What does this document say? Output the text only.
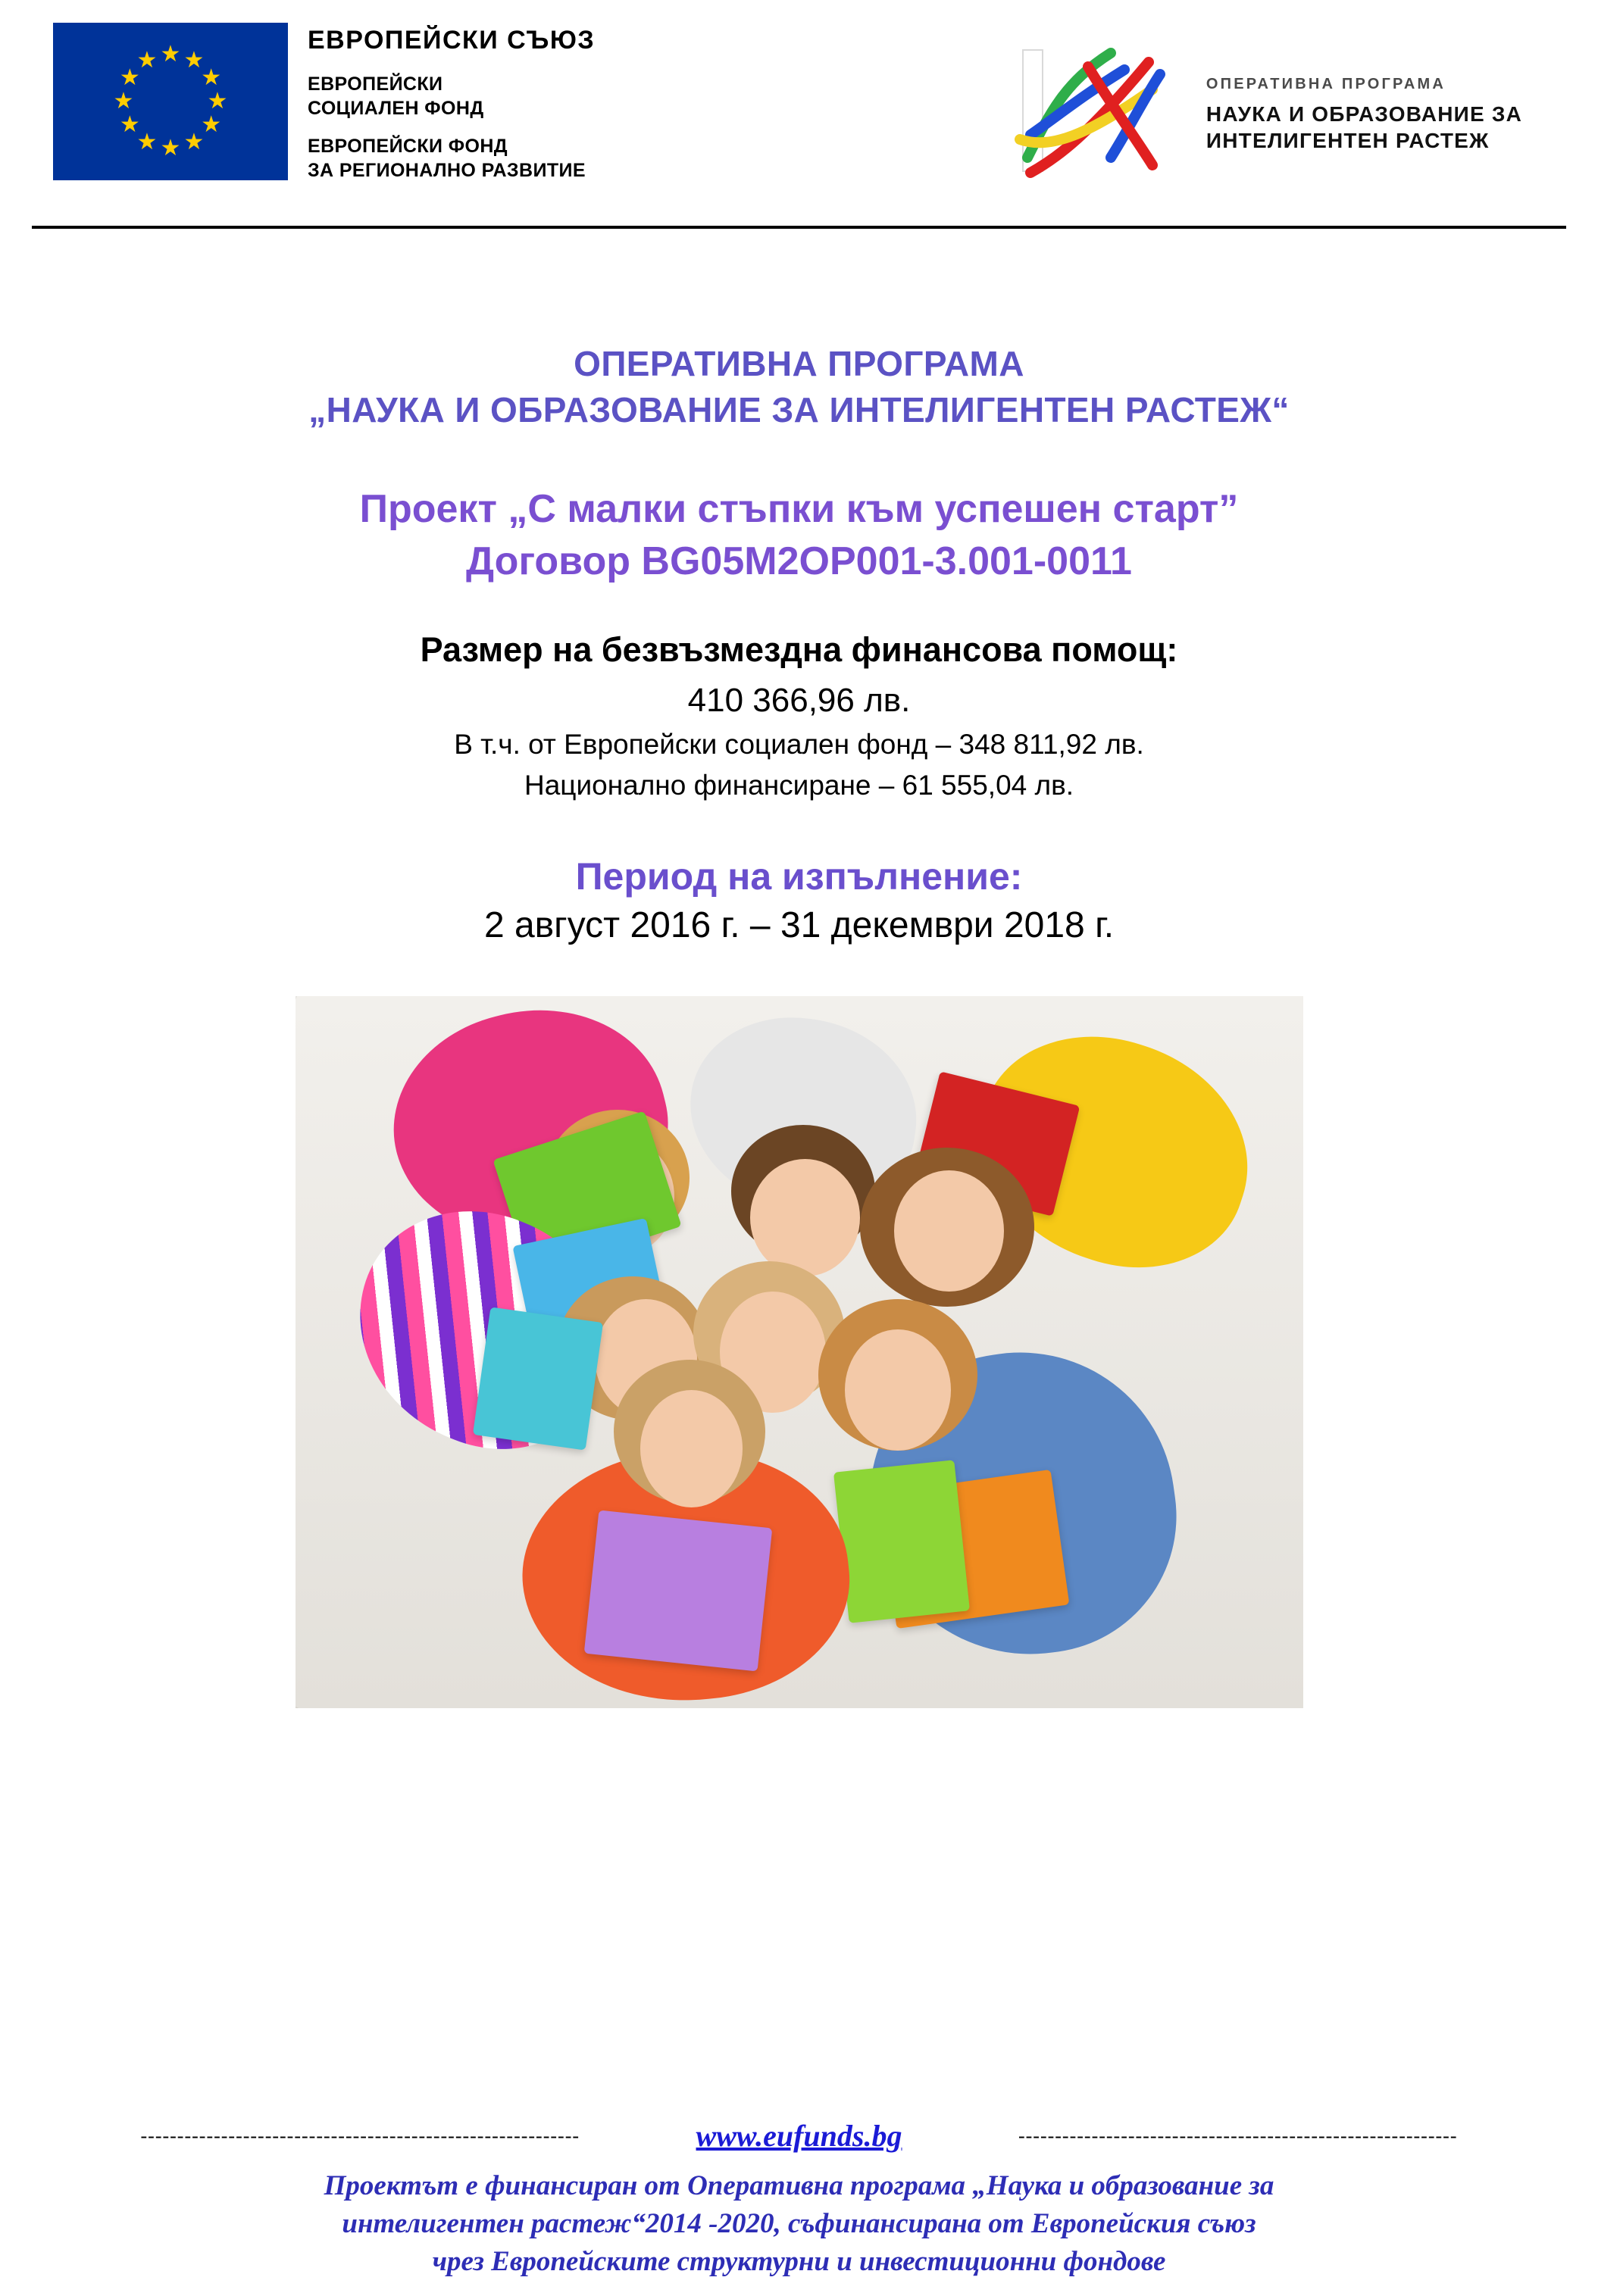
★ ★
★
★
★
★
★
★
★
★
★
★
ЕВРОПЕЙСКИ СЪЮЗ
ЕВРОПЕЙСКИ
СОЦИАЛЕН ФОНД
ЕВРОПЕЙСКИ ФОНД
ЗА РЕГИОНАЛНО РАЗВИТИЕ
ОПЕРАТИВНА ПРОГРАМА
НАУКА И ОБРАЗОВАНИЕ ЗА
ИНТЕЛИГЕНТЕН РАСТЕЖ
ОПЕРАТИВНА ПРОГРАМА
„НАУКА И ОБРАЗОВАНИЕ ЗА ИНТЕЛИГЕНТЕН РАСТЕЖ“
Проект „С малки стъпки към успешен старт”
Договор BG05M2OP001-3.001-0011
Размер на безвъзмездна финансова помощ:
410 366,96 лв.
В т.ч. от Европейски социален фонд – 348 811,92 лв.
Национално финансиране – 61 555,04 лв.
Период на изпълнение:
2 август 2016 г. – 31 декември 2018 г.
------------------------------------------------------------	www.eufunds.bg	------------------------------------------------------------
Проектът е финансиран от Оперативна програма „Наука и образование за
интелигентен растеж“2014 -2020, съфинансирана от Европейския съюз
чрез Европейските структурни и инвестиционни фондове
